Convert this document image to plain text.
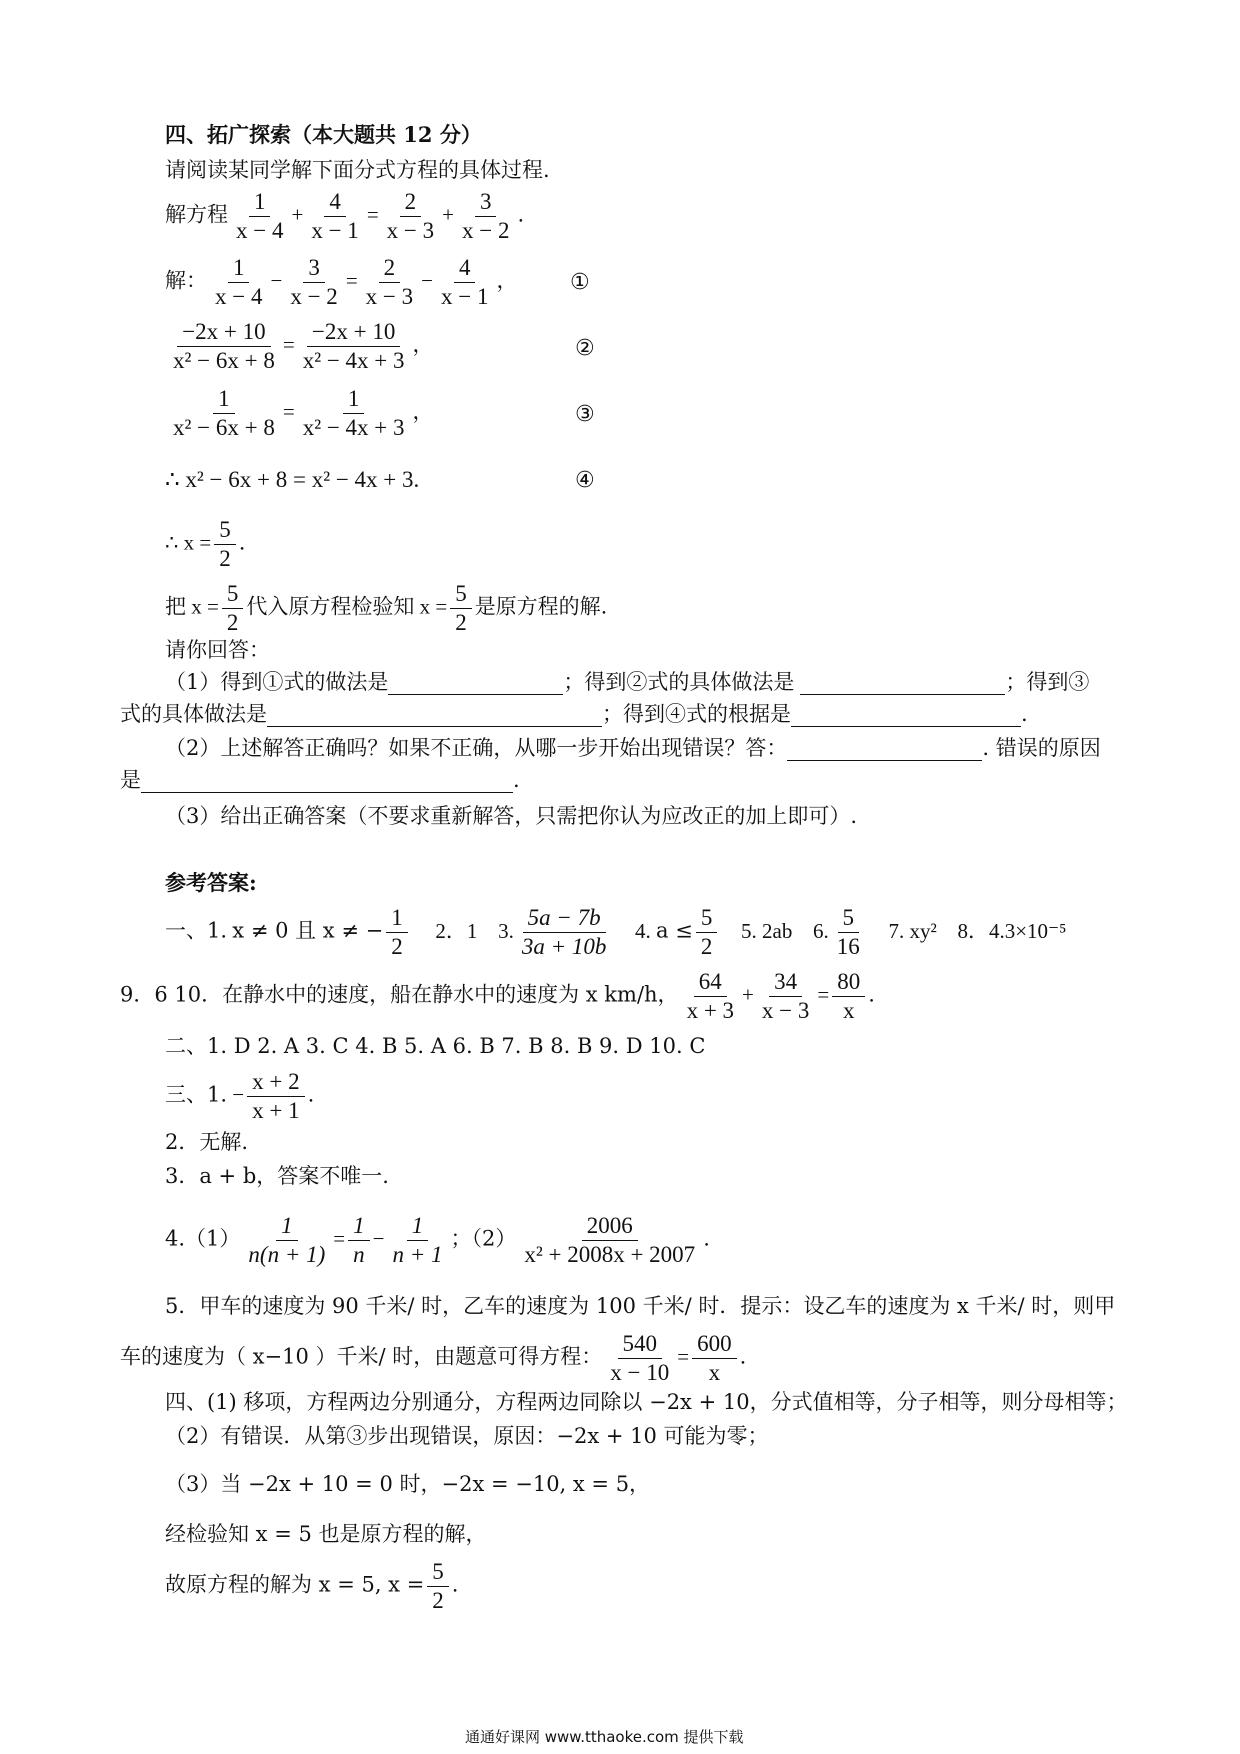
四、拓广探索（本大题共 12 分）
请阅读某同学解下面分式方程的具体过程.
解方程 $\frac{1}{x - 4} + \frac{4}{x - 1} = \frac{2}{x - 3} + \frac{3}{x - 2}$ .
解： $\frac{1}{x - 4} - \frac{3}{x - 2} = \frac{2}{x - 3} - \frac{4}{x - 1}$ ， ①
$\frac{-2x + 10}{\text{x² − 6x + 8}} = \frac{-2x + 10}{\text{x² − 4x + 3}}$ ，	②
$\frac{1}{\text{x² − 6x + 8}} = \frac{1}{\text{x² − 4x + 3}}$ ，	③
∴ x² − 6x + 8 = x² − 4x + 3.	④
∴ $x = \frac{5}{2}$ .
把 $x = \frac{5}{2}$ 代入原方程检验知 $x = \frac{5}{2}$ 是原方程的解.
请你回答：
（1）得到①式的做法是	；得到②式的具体做法是	；得到③
式的具体做法是	；得到④式的根据是	.
（2）上述解答正确吗？如果不正确，从哪一步开始出现错误？答：	. 错误的原因
是	.
（3）给出正确答案（不要求重新解答，只需把你认为应改正的加上即可）.
参考答案:
一、1. x ≠ 0 且 x ≠ − $\frac{1}{2} 2$．1 3. $\frac{5a - 7b}{3a + 10b} 4$. $a \le \frac{5}{2} 5$. 2ab 6. $\frac{5}{16} 7$. xy² 8．4.3×10⁻⁵
9．6 10．在静水中的速度，船在静水中的速度为 x km/h， $\frac{64}{x + 3} + \frac{34}{x - 3} = \frac{80}{x}$ .
二、1. D 2. A 3. C 4. B 5. A 6. B 7. B 8. B 9. D 10. C
三、1. − $\frac{x + 2}{x + 1}$ .
2．无解.
3．a + b，答案不唯一.
$4.(1) \frac{1}{n(n + 1)} = \frac{1}{n} - \frac{1}{n + 1}$ ；$(2) \frac{2006}{\text{x² + 2008x + 2007}}$ .
5．甲车的速度为 90 千米/ 时，乙车的速度为 100 千米/ 时．提示：设乙车的速度为 x 千米/ 时，则甲
车的速度为（ x−10 ）千米/ 时，由题意可得方程： $\frac{540}{x - 10} = \frac{600}{x}$ .
四、(1) 移项，方程两边分别通分，方程两边同除以 −2x + 10，分式值相等，分子相等，则分母相等；
（2）有错误．从第③步出现错误，原因：−2x + 10 可能为零；
（3）当 −2x + 10 = 0 时，−2x = −10, x = 5，
经检验知 x = 5 也是原方程的解，
故原方程的解为 x = 5, $x = \frac{5}{2}$ .
通通好课网 www.tthaoke.com 提供下载
